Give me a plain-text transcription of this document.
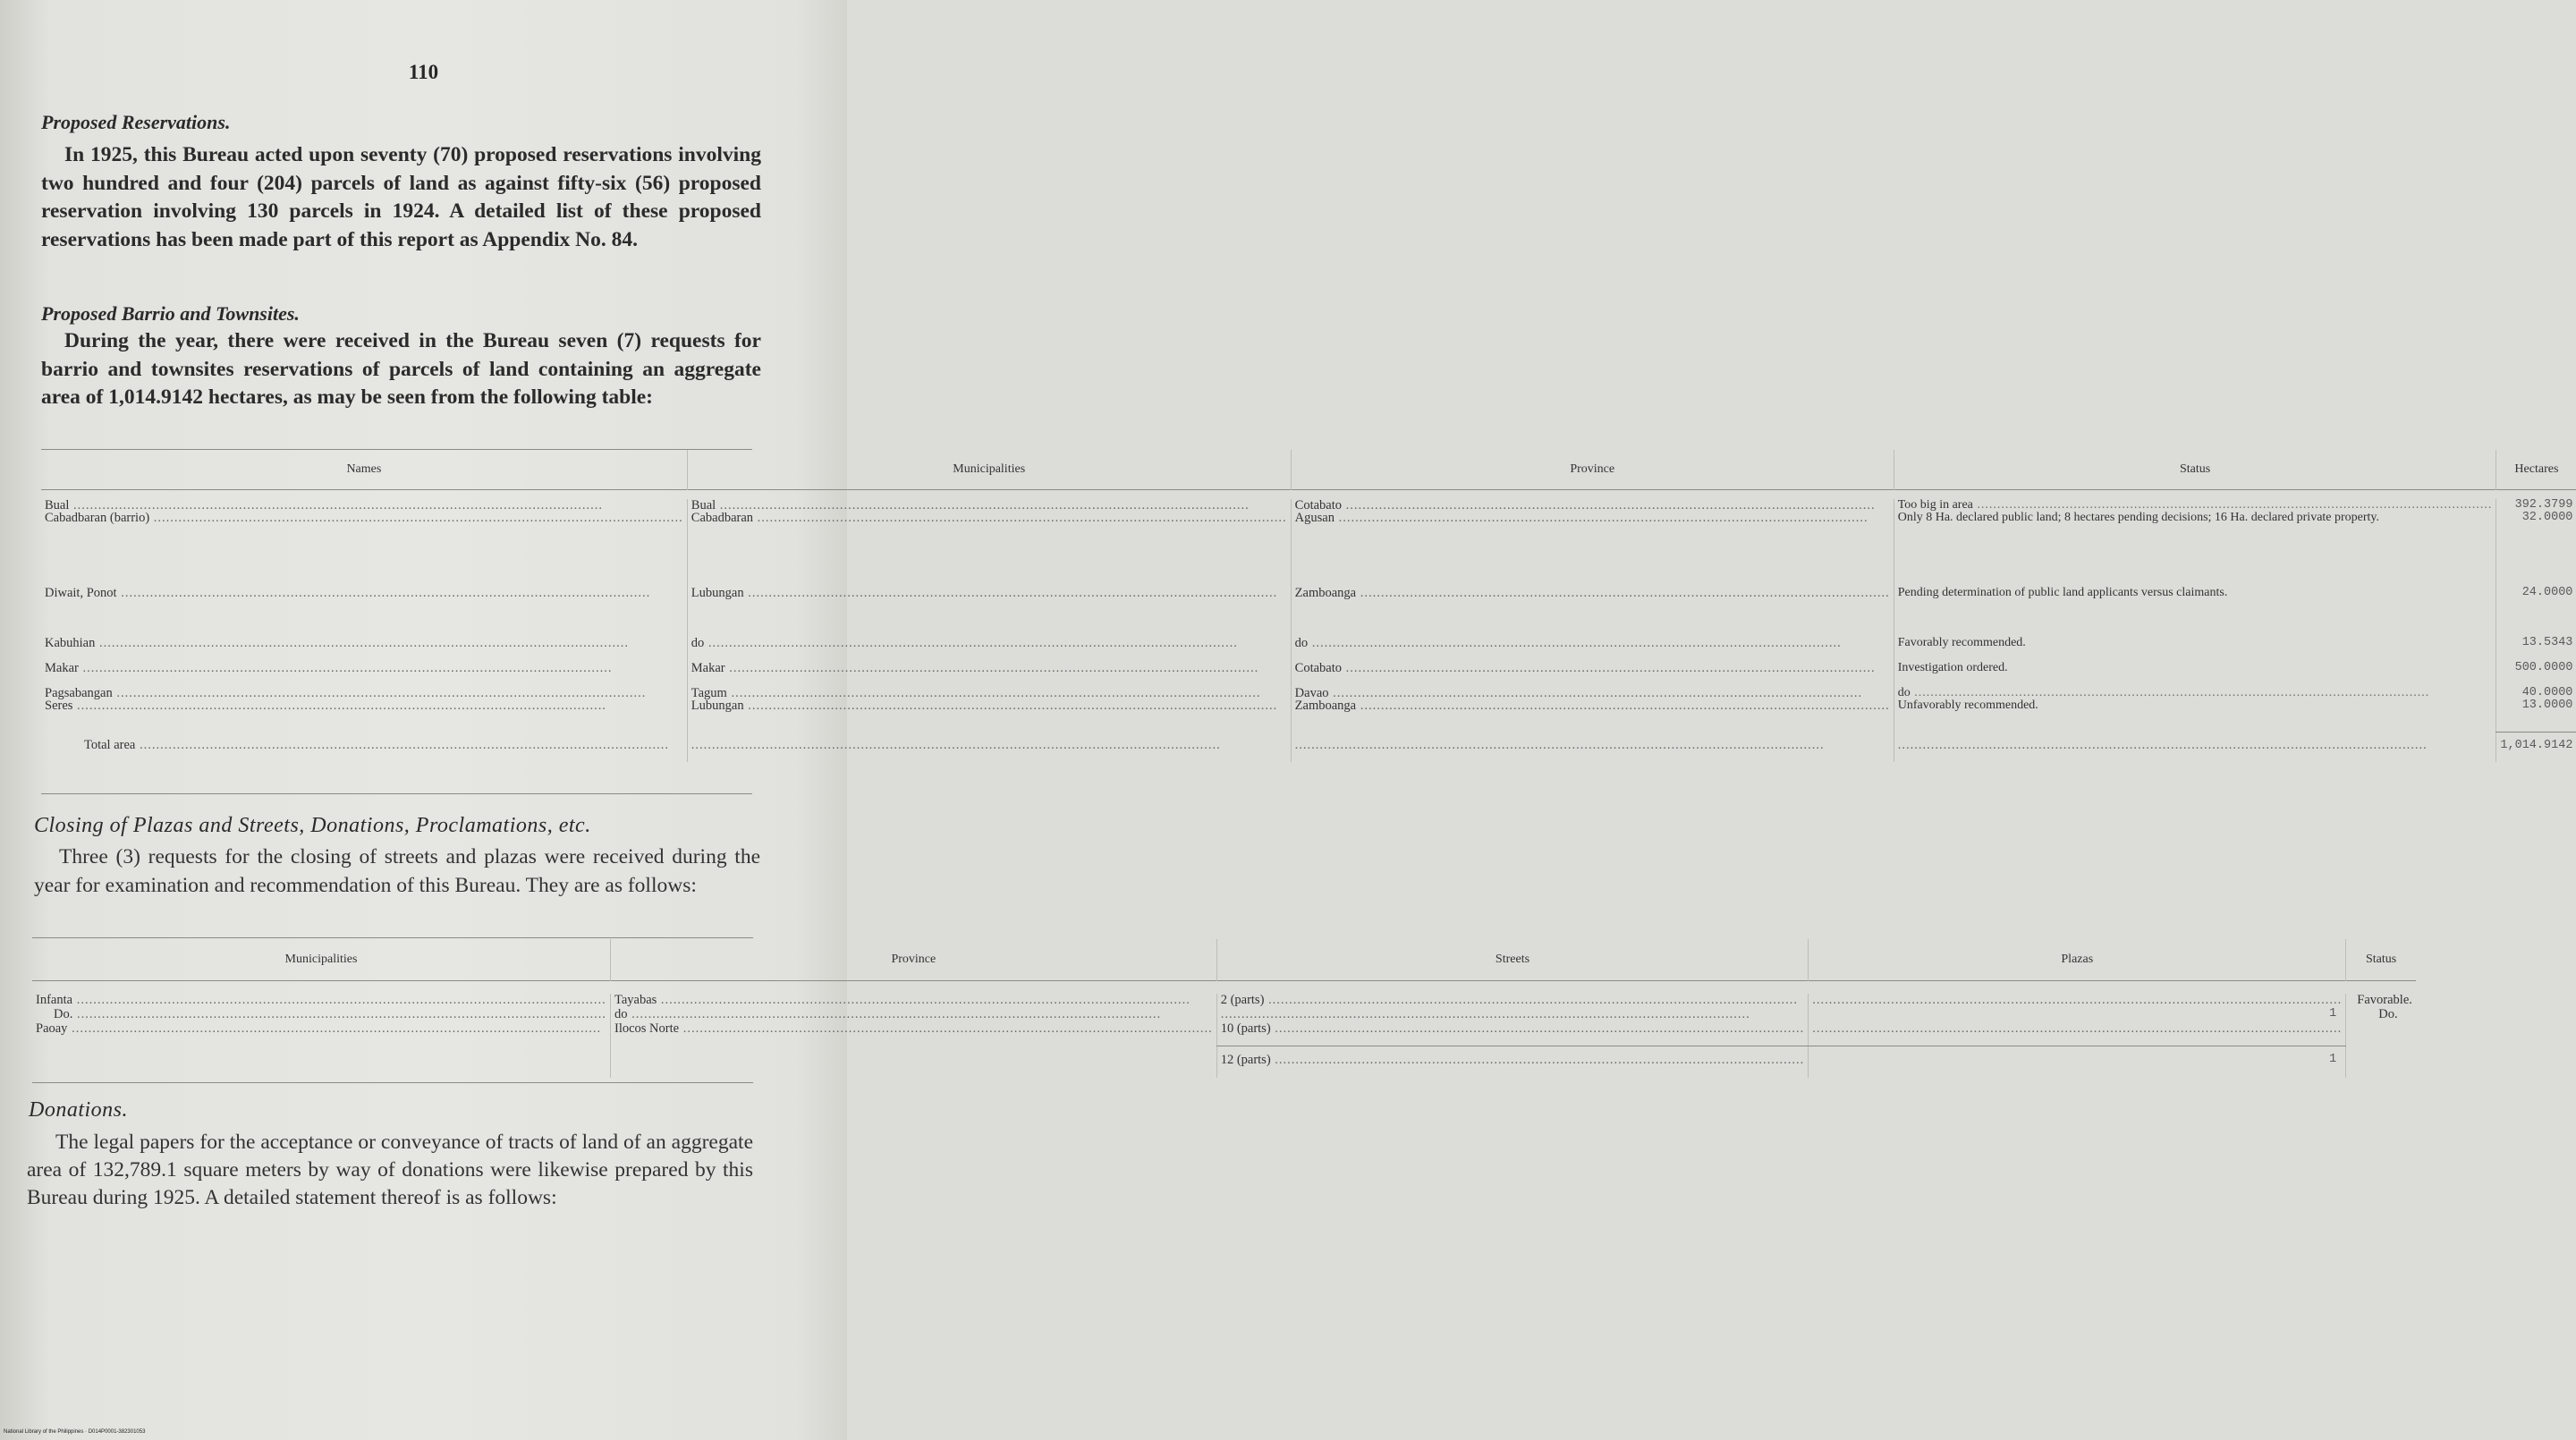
110
Proposed Reservations.
In 1925, this Bureau acted upon seventy (70) proposed reservations involving two hundred and four (204) parcels of land as against fifty-six (56) proposed reservation involving 130 parcels in 1924. A detailed list of these proposed reservations has been made part of this report as Appendix No. 84.
Proposed Barrio and Townsites.
During the year, there were received in the Bureau seven (7) requests for barrio and townsites reservations of parcels of land containing an aggregate area of 1,014.9142 hectares, as may be seen from the following table:
Names	Municipalities	Province	Status	Hectares

Bual .....	Bual .....	Cotabato .....	Too big in area .....	392.3799
Cabadbaran (barrio) .....	Cabadbaran .....	Agusan .....	Only 8 Ha. declared public land; 8 hectares pending decisions; 16 Ha. declared private property.	32.0000
Diwait, Ponot .....	Lubungan .....	Zamboanga .....	Pending determination of public land applicants versus claimants.	24.0000
Kabuhian .....	do .....	do .....	Favorably recommended.	13.5343
Makar .....	Makar .....	Cotabato .....	Investigation ordered.	500.0000
Pagsabangan .....	Tagum .....	Davao .....	do .....	40.0000
Seres .....	Lubungan .....	Zamboanga .....	Unfavorably recommended.	13.0000
Total area .....	.....	.....	.....	1,014.9142
Closing of Plazas and Streets, Donations, Proclamations, etc.
Three (3) requests for the closing of streets and plazas were received during the year for examination and recommendation of this Bureau. They are as follows:
Municipalities	Province	Streets	Plazas	Status

Infanta .....	Tayabas .....	2 (parts) .....	.....	Favorable.
Do. .....	do .....	.....	1	Do.
Paoay .....	Ilocos Norte .....	10 (parts) .....	.....	
		12 (parts) .....	1	
Donations.
The legal papers for the acceptance or conveyance of tracts of land of an aggregate area of 132,789.1 square meters by way of donations were likewise prepared by this Bureau during 1925. A detailed statement thereof is as follows:
National Library of the Philippines · D014P0001-382301053
